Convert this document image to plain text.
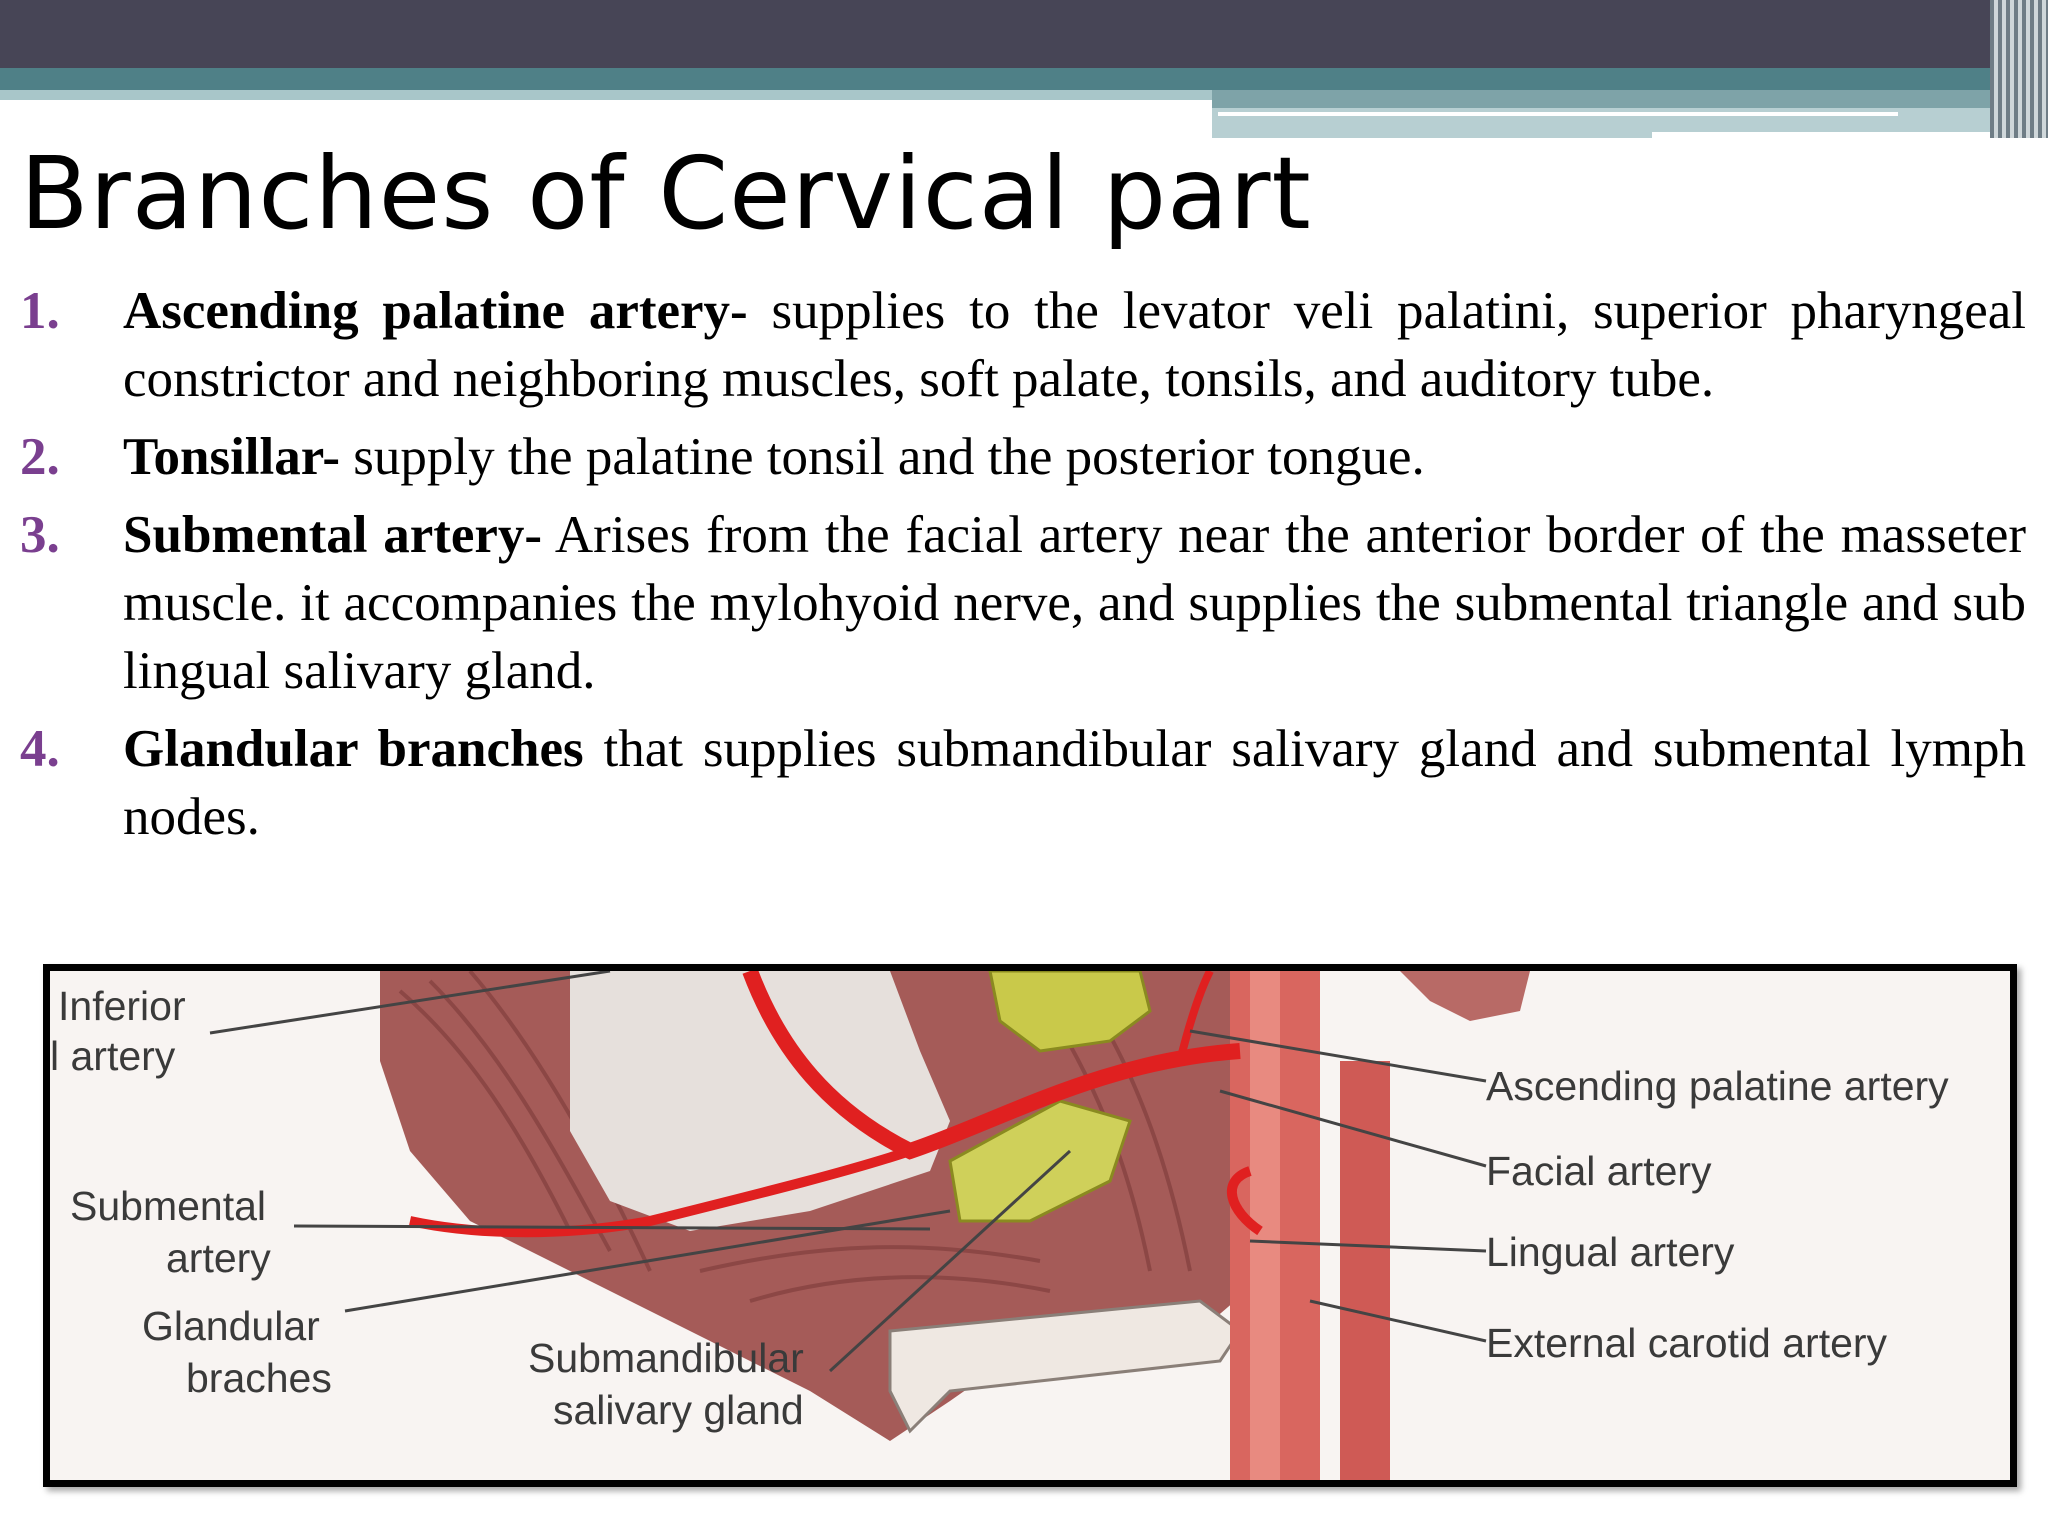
Branches of Cervical part
1. Ascending palatine artery- supplies to the levator veli palatini, superior pharyngeal constrictor and neighboring muscles, soft palate, tonsils, and auditory tube.
2. Tonsillar- supply the palatine tonsil and the posterior tongue.
3. Submental artery- Arises from the facial artery near the anterior border of the masseter muscle. it accompanies the mylohyoid nerve, and supplies the submental triangle and sub lingual salivary gland.
4. Glandular branches that supplies submandibular salivary gland and submental lymph nodes.
Inferior
l artery
Submental
artery
Glandular
braches	Submandibular
salivary gland
Ascending palatine artery
Facial artery
Lingual artery
External carotid artery
